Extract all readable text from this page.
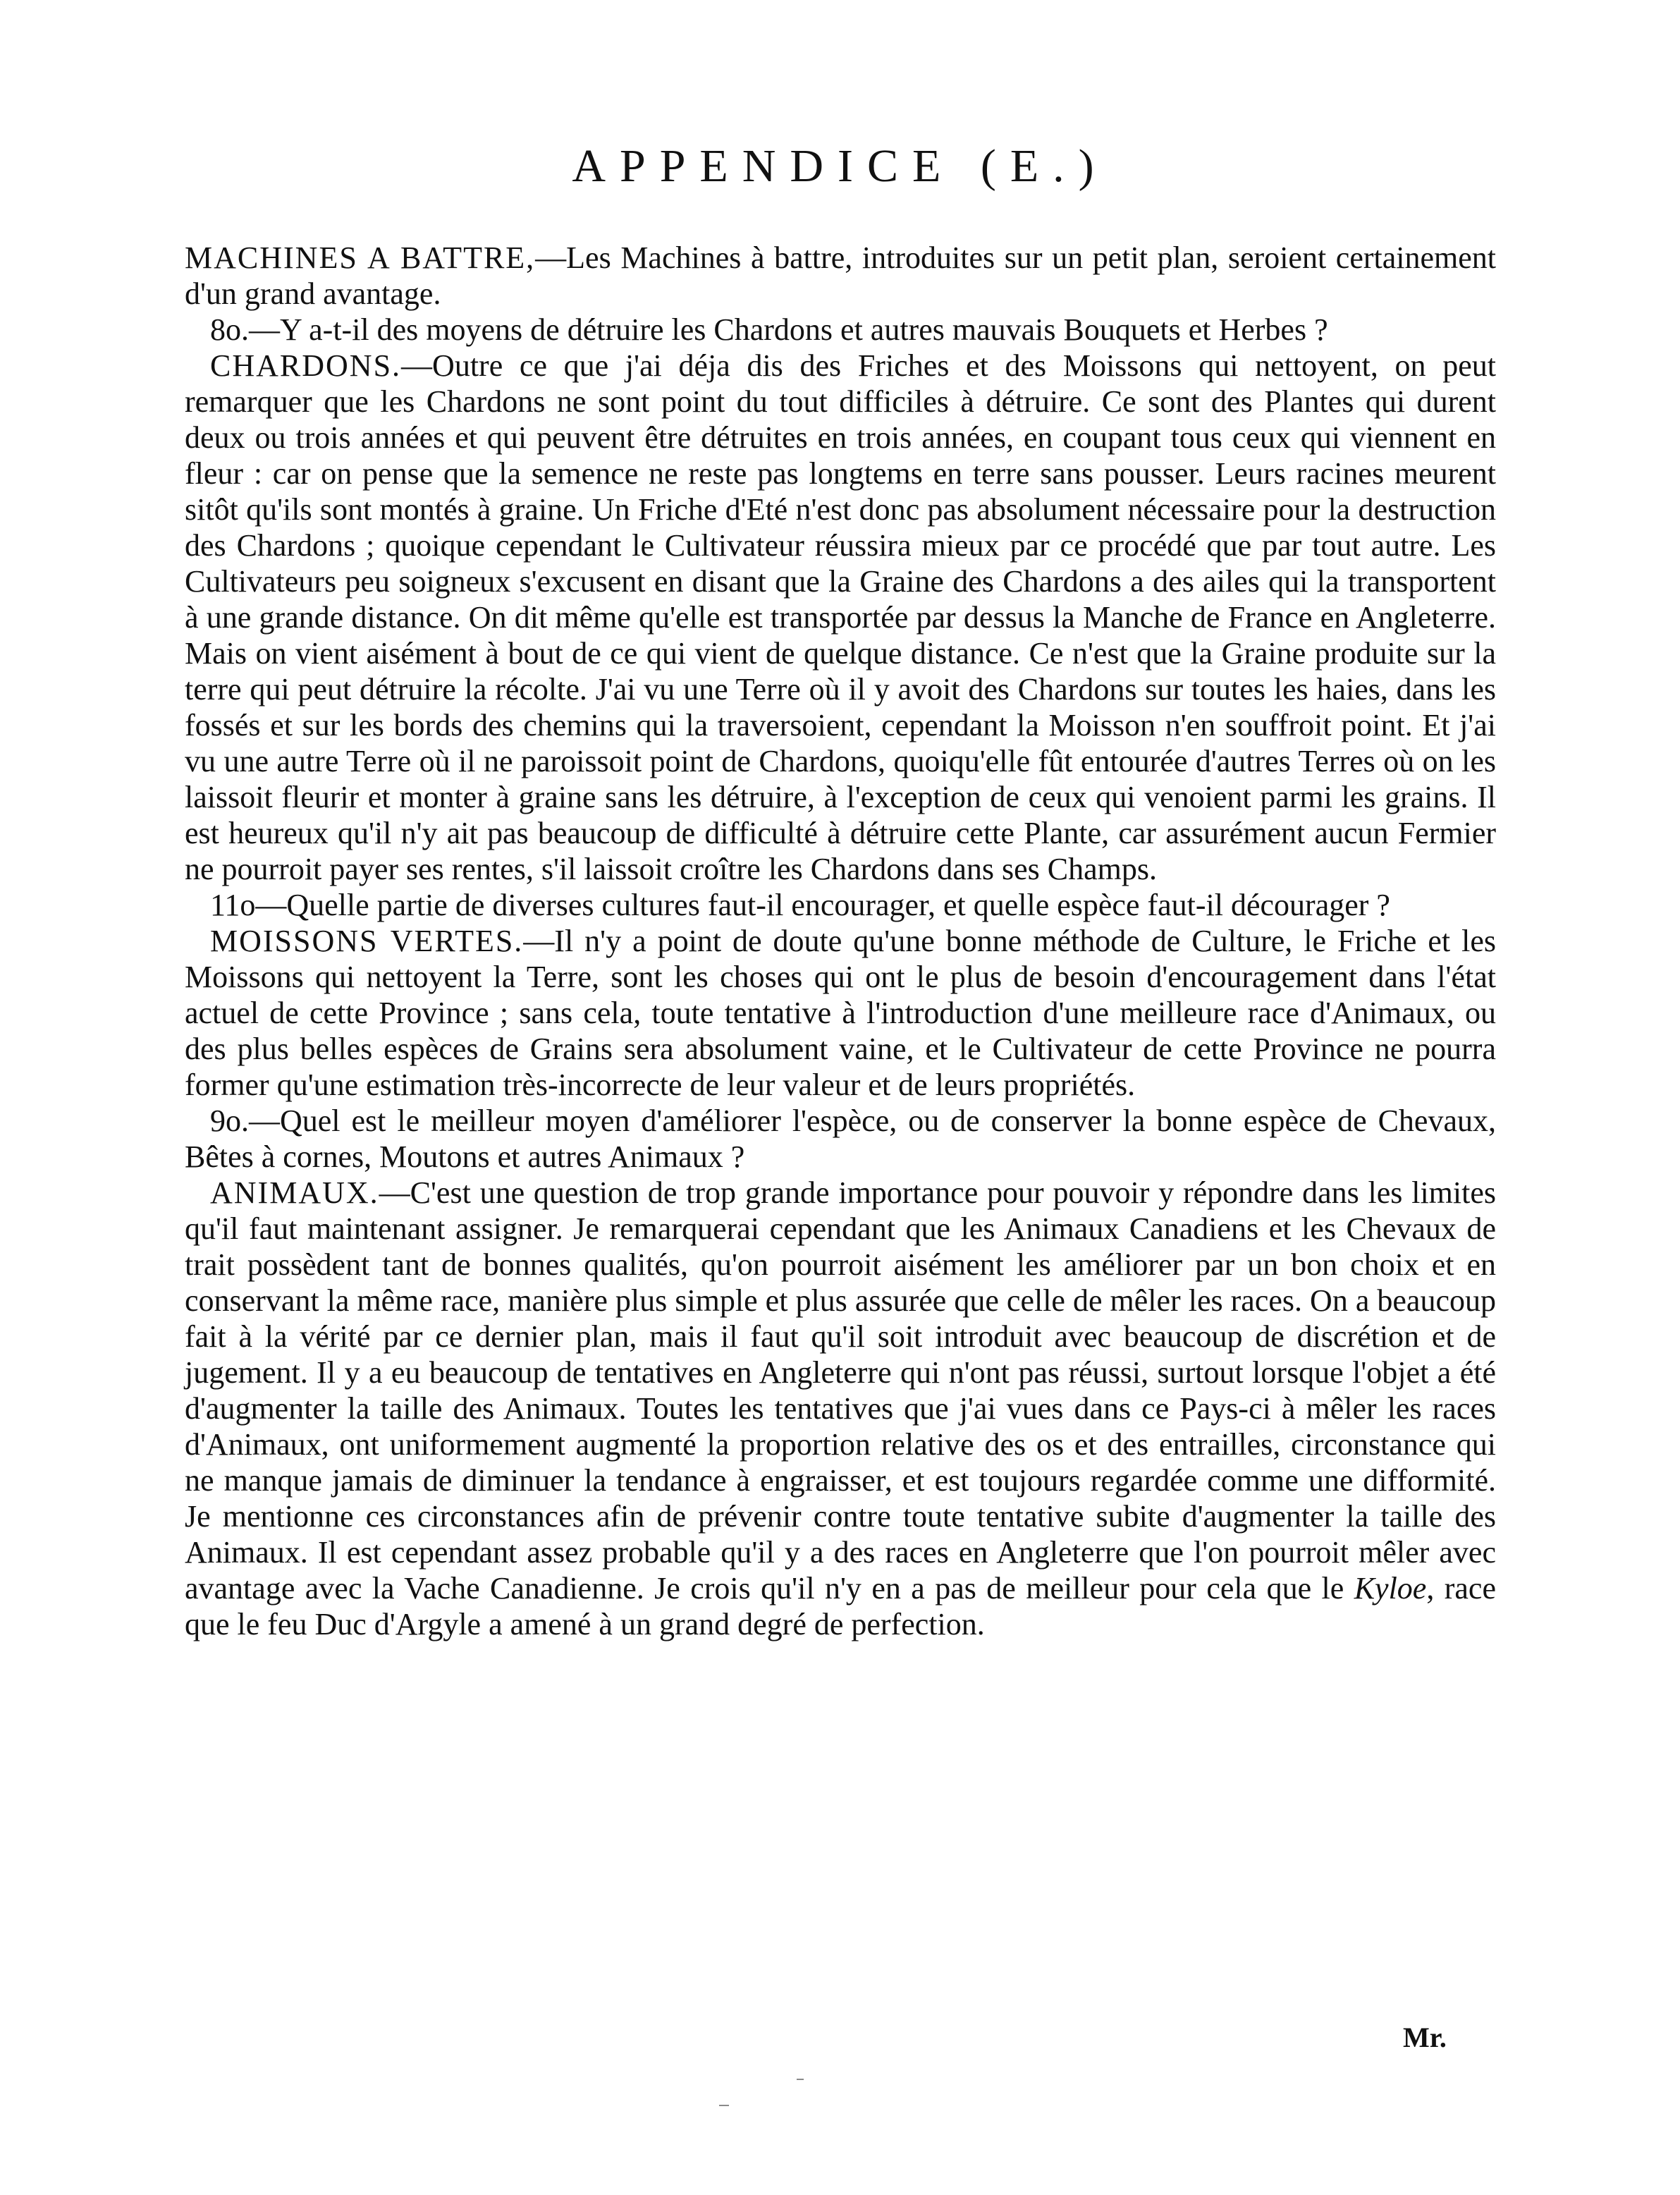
APPENDICE (E.)

MACHINES A BATTRE,—Les Machines à battre, introduites sur un petit plan, seroient certainement d'un grand avantage.

8o.—Y a-t-il des moyens de détruire les Chardons et autres mauvais Bouquets et Herbes ?

CHARDONS.—Outre ce que j'ai déja dis des Friches et des Moissons qui nettoyent, on peut remarquer que les Chardons ne sont point du tout difficiles à détruire. Ce sont des Plantes qui durent deux ou trois années et qui peuvent être détruites en trois années, en coupant tous ceux qui viennent en fleur : car on pense que la semence ne reste pas longtems en terre sans pousser. Leurs racines meurent sitôt qu'ils sont montés à graine. Un Friche d'Eté n'est donc pas absolument nécessaire pour la destruction des Chardons ; quoique cependant le Cultivateur réussira mieux par ce procédé que par tout autre. Les Cultivateurs peu soigneux s'excusent en disant que la Graine des Chardons a des ailes qui la transportent à une grande distance. On dit même qu'elle est transportée par dessus la Manche de France en Angleterre. Mais on vient aisément à bout de ce qui vient de quelque distance. Ce n'est que la Graine produite sur la terre qui peut détruire la récolte. J'ai vu une Terre où il y avoit des Chardons sur toutes les haies, dans les fossés et sur les bords des chemins qui la traversoient, cependant la Moisson n'en souffroit point. Et j'ai vu une autre Terre où il ne paroissoit point de Chardons, quoiqu'elle fût entourée d'autres Terres où on les laissoit fleurir et monter à graine sans les détruire, à l'exception de ceux qui venoient parmi les grains. Il est heureux qu'il n'y ait pas beaucoup de difficulté à détruire cette Plante, car assurément aucun Fermier ne pourroit payer ses rentes, s'il laissoit croître les Chardons dans ses Champs.

11o—Quelle partie de diverses cultures faut-il encourager, et quelle espèce faut-il décourager ?

MOISSONS VERTES.—Il n'y a point de doute qu'une bonne méthode de Culture, le Friche et les Moissons qui nettoyent la Terre, sont les choses qui ont le plus de besoin d'encouragement dans l'état actuel de cette Province ; sans cela, toute tentative à l'introduction d'une meilleure race d'Animaux, ou des plus belles espèces de Grains sera absolument vaine, et le Cultivateur de cette Province ne pourra former qu'une estimation très-incorrecte de leur valeur et de leurs propriétés.

9o.—Quel est le meilleur moyen d'améliorer l'espèce, ou de conserver la bonne espèce de Chevaux, Bêtes à cornes, Moutons et autres Animaux ?

ANIMAUX.—C'est une question de trop grande importance pour pouvoir y répondre dans les limites qu'il faut maintenant assigner. Je remarquerai cependant que les Animaux Canadiens et les Chevaux de trait possèdent tant de bonnes qualités, qu'on pourroit aisément les améliorer par un bon choix et en conservant la même race, manière plus simple et plus assurée que celle de mêler les races. On a beaucoup fait à la vérité par ce dernier plan, mais il faut qu'il soit introduit avec beaucoup de discrétion et de jugement. Il y a eu beaucoup de tentatives en Angleterre qui n'ont pas réussi, surtout lorsque l'objet a été d'augmenter la taille des Animaux. Toutes les tentatives que j'ai vues dans ce Pays-ci à mêler les races d'Animaux, ont uniformement augmenté la proportion relative des os et des entrailles, circonstance qui ne manque jamais de diminuer la tendance à engraisser, et est toujours regardée comme une difformité. Je mentionne ces circonstances afin de prévenir contre toute tentative subite d'augmenter la taille des Animaux. Il est cependant assez probable qu'il y a des races en Angleterre que l'on pourroit mêler avec avantage avec la Vache Canadienne. Je crois qu'il n'y en a pas de meilleur pour cela que le Kyloe, race que le feu Duc d'Argyle a amené à un grand degré de perfection.

Mr.
